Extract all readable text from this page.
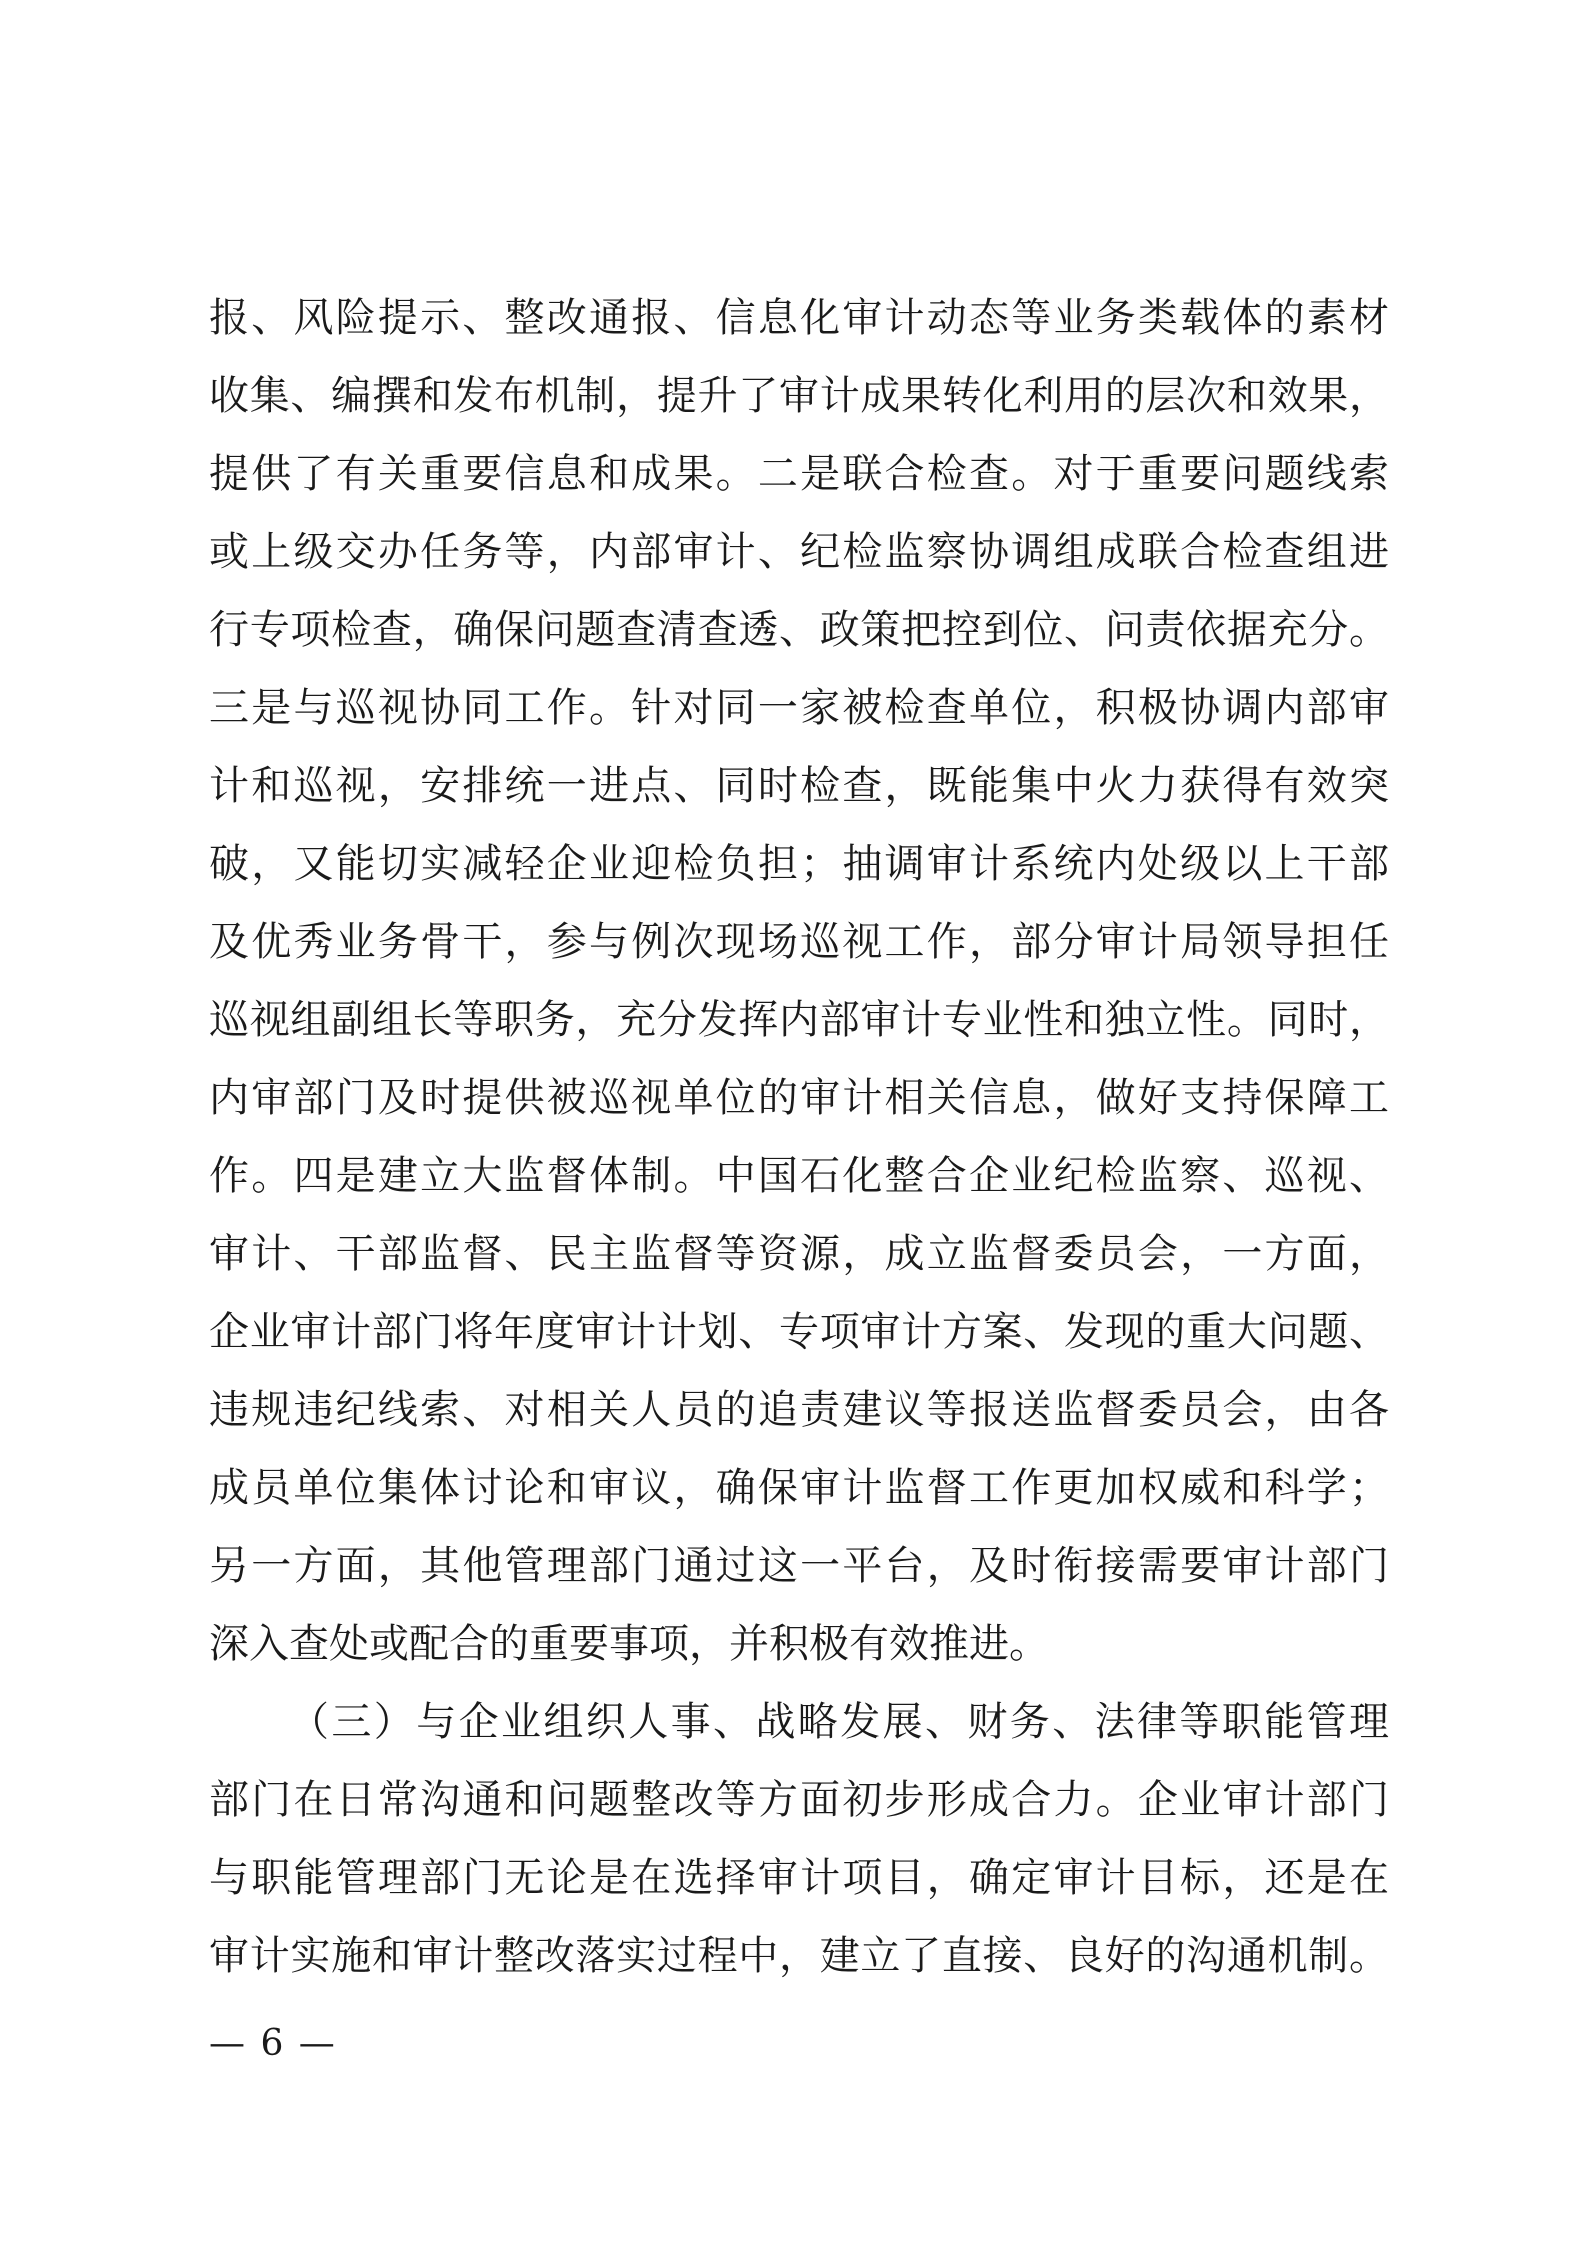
报、风险提示、整改通报、信息化审计动态等业务类载体的素材
收集、编撰和发布机制，提升了审计成果转化利用的层次和效果，
提供了有关重要信息和成果。二是联合检查。对于重要问题线索
或上级交办任务等，内部审计、纪检监察协调组成联合检查组进
行专项检查，确保问题查清查透、政策把控到位、问责依据充分。
三是与巡视协同工作。针对同一家被检查单位，积极协调内部审
计和巡视，安排统一进点、同时检查，既能集中火力获得有效突
破，又能切实减轻企业迎检负担；抽调审计系统内处级以上干部
及优秀业务骨干，参与例次现场巡视工作，部分审计局领导担任
巡视组副组长等职务，充分发挥内部审计专业性和独立性。同时，
内审部门及时提供被巡视单位的审计相关信息，做好支持保障工
作。四是建立大监督体制。中国石化整合企业纪检监察、巡视、
审计、干部监督、民主监督等资源，成立监督委员会，一方面，
企业审计部门将年度审计计划、专项审计方案、发现的重大问题、
违规违纪线索、对相关人员的追责建议等报送监督委员会，由各
成员单位集体讨论和审议，确保审计监督工作更加权威和科学；
另一方面，其他管理部门通过这一平台，及时衔接需要审计部门
深入查处或配合的重要事项，并积极有效推进。
（三）与企业组织人事、战略发展、财务、法律等职能管理
部门在日常沟通和问题整改等方面初步形成合力。企业审计部门
与职能管理部门无论是在选择审计项目，确定审计目标，还是在
审计实施和审计整改落实过程中，建立了直接、良好的沟通机制。
— 6 —
